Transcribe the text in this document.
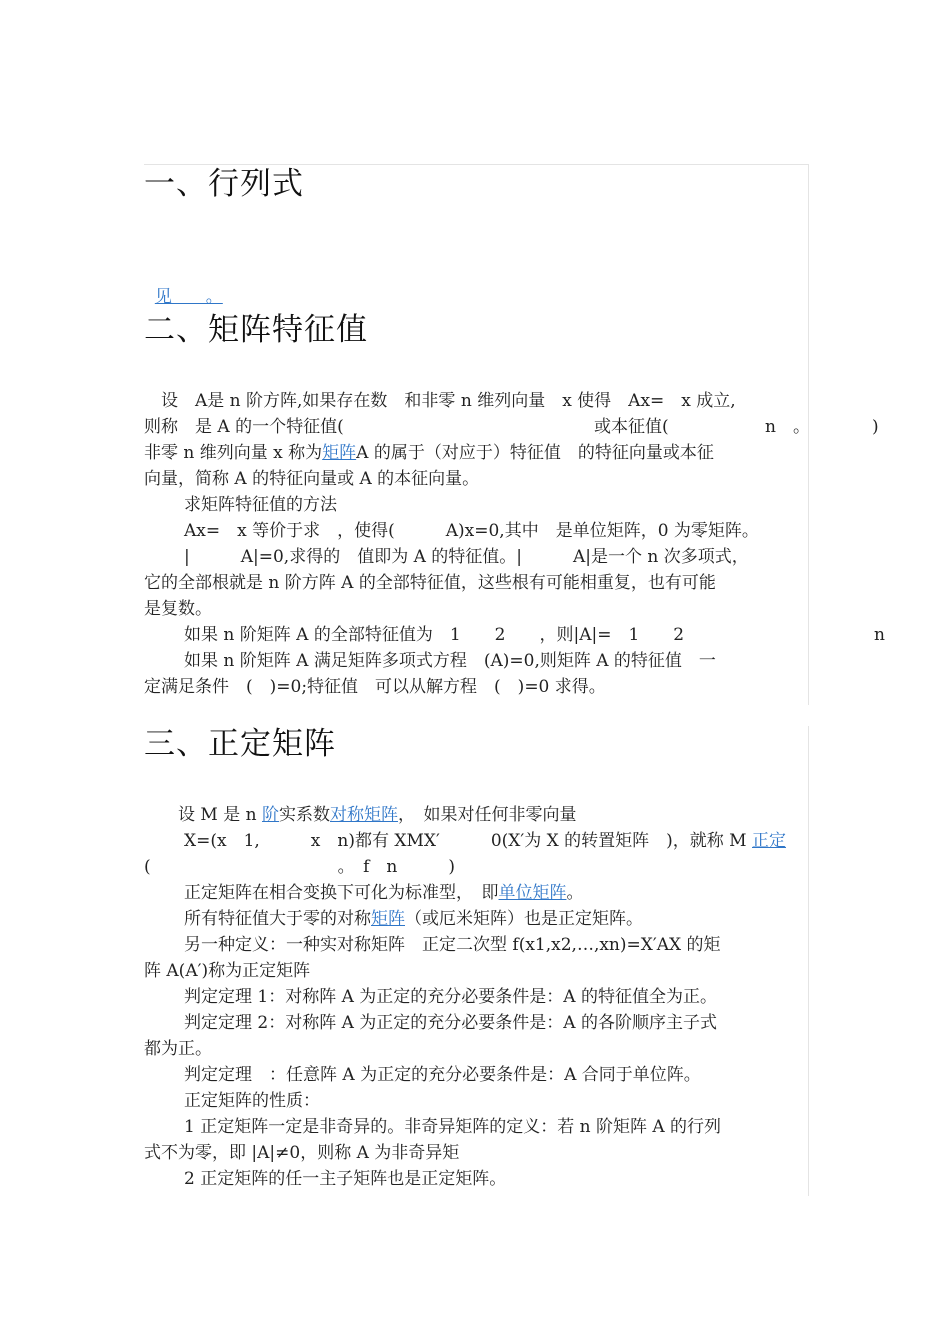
一、行列式

见　　。

二、矩阵特征值
　设　A是 n 阶方阵,如果存在数　和非零 n 维列向量　x 使得　Ax=　x 成立,
则称　是 A 的一个特征值(	或本征值(	n　。	)
非零 n 维列向量 x 称为矩阵A 的属于（对应于）特征值　的特征向量或本征
向量，简称 A 的特征向量或 A 的本征向量。
求矩阵特征值的方法
Ax=　x 等价于求　，使得(　　　A)x=0,其中　是单位矩阵，0 为零矩阵。
|　　　A|=0,求得的　值即为 A 的特征值。|　　　A|是一个 n 次多项式，
它的全部根就是 n 阶方阵 A 的全部特征值，这些根有可能相重复，也有可能
是复数。
如果 n 阶矩阵 A 的全部特征值为　1　　2　　，则|A|=　1　　2	n
如果 n 阶矩阵 A 满足矩阵多项式方程　(A)=0,则矩阵 A 的特征值　一
定满足条件　(　)=0;特征值　可以从解方程　(　)=0 求得。
三、正定矩阵
设 M 是 n 阶实系数对称矩阵，　如果对任何非零向量
X=(x　1,　　　x　n)都有 XMX′　　　0(X′为 X 的转置矩阵　)，就称 M 正定
(　　　　　　　　　　　。　f　n　　　)
正定矩阵在相合变换下可化为标准型，　即单位矩阵。
所有特征值大于零的对称矩阵（或厄米矩阵）也是正定矩阵。
另一种定义：一种实对称矩阵　正定二次型 f(x1,x2,…,xn)=X′AX 的矩
阵 A(A′)称为正定矩阵
判定定理 1：对称阵 A 为正定的充分必要条件是：A 的特征值全为正。
判定定理 2：对称阵 A 为正定的充分必要条件是：A 的各阶顺序主子式
都为正。
判定定理　：任意阵 A 为正定的充分必要条件是：A 合同于单位阵。
正定矩阵的性质：
1 正定矩阵一定是非奇异的。非奇异矩阵的定义：若 n 阶矩阵 A 的行列
式不为零，即 |A|≠0，则称 A 为非奇异矩
2 正定矩阵的任一主子矩阵也是正定矩阵。
